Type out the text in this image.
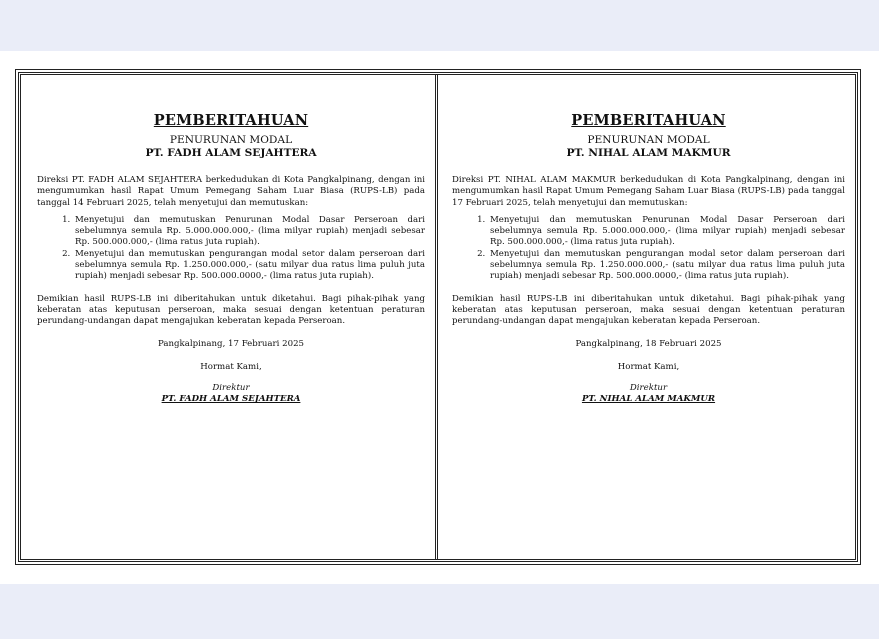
PEMBERITAHUAN
PENURUNAN MODAL
PT. FADH ALAM SEJAHTERA
Direksi PT. FADH ALAM SEJAHTERA berkedudukan di Kota Pangkalpinang, dengan ini mengumumkan hasil Rapat Umum Pemegang Saham Luar Biasa (RUPS-LB) pada tanggal 14 Februari 2025, telah menyetujui dan memutuskan:
1. Menyetujui dan memutuskan Penurunan Modal Dasar Perseroan dari sebelumnya semula Rp. 5.000.000.000,- (lima milyar rupiah) menjadi sebesar Rp. 500.000.000,- (lima ratus juta rupiah).
2. Menyetujui dan memutuskan pengurangan modal setor dalam perseroan dari sebelumnya semula Rp. 1.250.000.000,- (satu milyar dua ratus lima puluh juta rupiah) menjadi sebesar Rp. 500.000.0000,- (lima ratus juta rupiah).
Demikian hasil RUPS-LB ini diberitahukan untuk diketahui. Bagi pihak-pihak yang keberatan atas keputusan perseroan, maka sesuai dengan ketentuan peraturan perundang-undangan dapat mengajukan keberatan kepada Perseroan.
Pangkalpinang, 17 Februari 2025
Hormat Kami,
Direktur
PT. FADH ALAM SEJAHTERA
PEMBERITAHUAN
PENURUNAN MODAL
PT. NIHAL ALAM MAKMUR
Direksi PT. NIHAL ALAM MAKMUR berkedudukan di Kota Pangkalpinang, dengan ini mengumumkan hasil Rapat Umum Pemegang Saham Luar Biasa (RUPS-LB) pada tanggal 17 Februari 2025, telah menyetujui dan memutuskan:
1. Menyetujui dan memutuskan Penurunan Modal Dasar Perseroan dari sebelumnya semula Rp. 5.000.000.000,- (lima milyar rupiah) menjadi sebesar Rp. 500.000.000,- (lima ratus juta rupiah).
2. Menyetujui dan memutuskan pengurangan modal setor dalam perseroan dari sebelumnya semula Rp. 1.250.000.000,- (satu milyar dua ratus lima puluh juta rupiah) menjadi sebesar Rp. 500.000.0000,- (lima ratus juta rupiah).
Demikian hasil RUPS-LB ini diberitahukan untuk diketahui. Bagi pihak-pihak yang keberatan atas keputusan perseroan, maka sesuai dengan ketentuan peraturan perundang-undangan dapat mengajukan keberatan kepada Perseroan.
Pangkalpinang, 18 Februari 2025
Hormat Kami,
Direktur
PT. NIHAL ALAM MAKMUR
